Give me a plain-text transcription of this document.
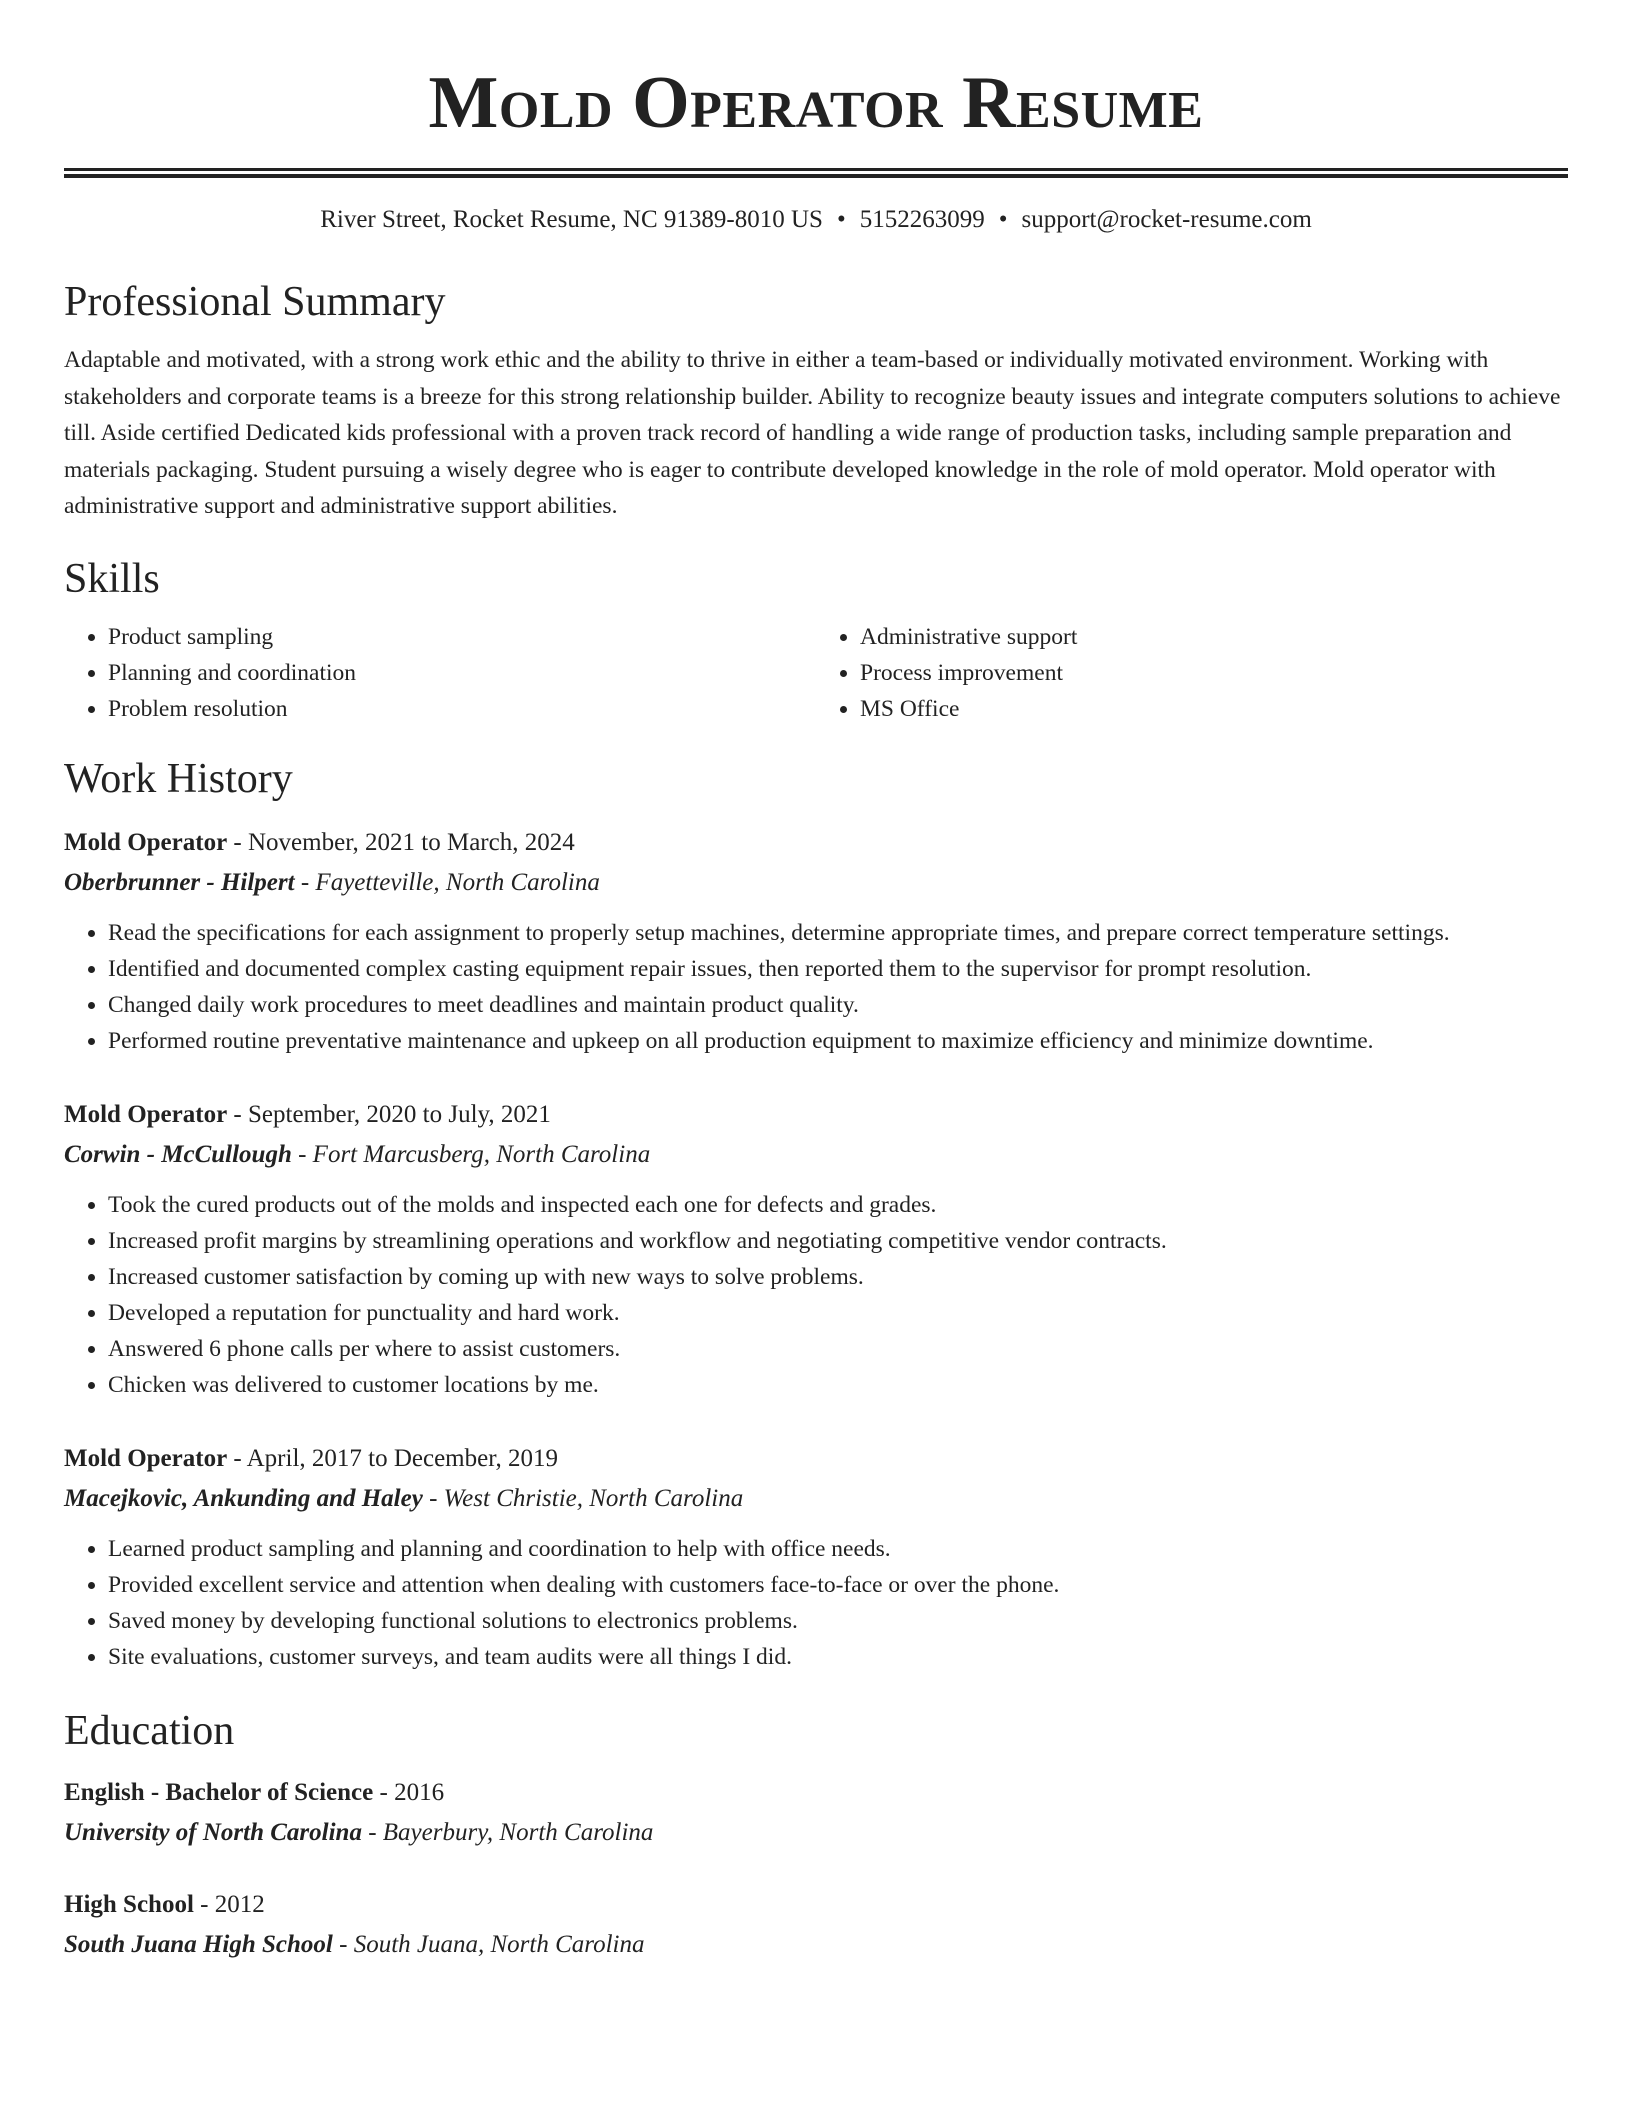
Mold Operator Resume
River Street, Rocket Resume, NC 91389-8010 US • 5152263099 • support@rocket-resume.com
Professional Summary

Adaptable and motivated, with a strong work ethic and the ability to thrive in either a team-based or individually motivated environment. Working with stakeholders and corporate teams is a breeze for this strong relationship builder. Ability to recognize beauty issues and integrate computers solutions to achieve till. Aside certified Dedicated kids professional with a proven track record of handling a wide range of production tasks, including sample preparation and materials packaging. Student pursuing a wisely degree who is eager to contribute developed knowledge in the role of mold operator. Mold operator with administrative support and administrative support abilities.

Skills
• Product sampling
• Planning and coordination
• Problem resolution
• Administrative support
• Process improvement
• MS Office
Work History
Mold Operator - November, 2021 to March, 2024
Oberbrunner - Hilpert - Fayetteville, North Carolina
• Read the specifications for each assignment to properly setup machines, determine appropriate times, and prepare correct temperature settings.
• Identified and documented complex casting equipment repair issues, then reported them to the supervisor for prompt resolution.
• Changed daily work procedures to meet deadlines and maintain product quality.
• Performed routine preventative maintenance and upkeep on all production equipment to maximize efficiency and minimize downtime.
Mold Operator - September, 2020 to July, 2021
Corwin - McCullough - Fort Marcusberg, North Carolina
• Took the cured products out of the molds and inspected each one for defects and grades.
• Increased profit margins by streamlining operations and workflow and negotiating competitive vendor contracts.
• Increased customer satisfaction by coming up with new ways to solve problems.
• Developed a reputation for punctuality and hard work.
• Answered 6 phone calls per where to assist customers.
• Chicken was delivered to customer locations by me.
Mold Operator - April, 2017 to December, 2019
Macejkovic, Ankunding and Haley - West Christie, North Carolina
• Learned product sampling and planning and coordination to help with office needs.
• Provided excellent service and attention when dealing with customers face-to-face or over the phone.
• Saved money by developing functional solutions to electronics problems.
• Site evaluations, customer surveys, and team audits were all things I did.
Education
English - Bachelor of Science - 2016
University of North Carolina - Bayerbury, North Carolina
High School - 2012
South Juana High School - South Juana, North Carolina
